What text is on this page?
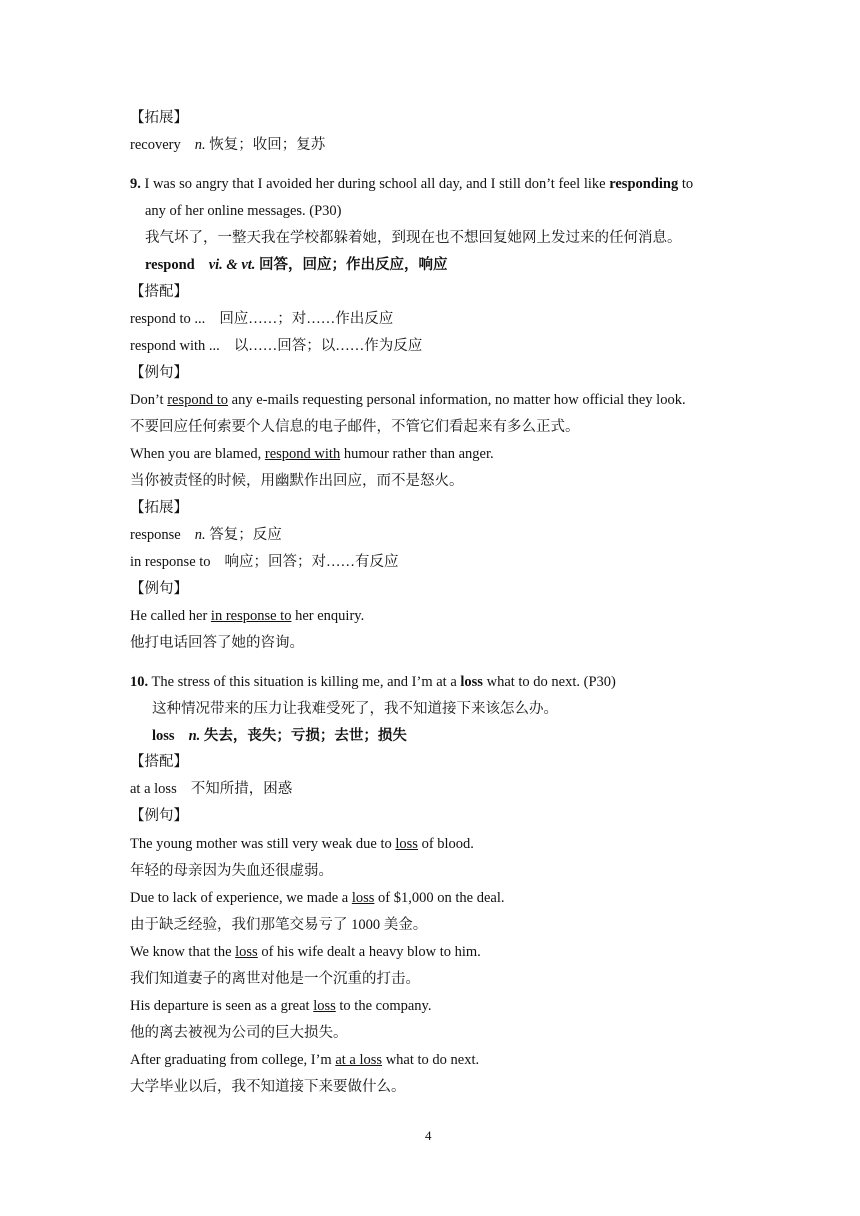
【拓展】
recovery n. 恢复；收回；复苏
9. I was so angry that I avoided her during school all day, and I still don’t feel like responding to
any of her online messages. (P30)
我气坏了，一整天我在学校都躲着她，到现在也不想回复她网上发过来的任何消息。
respond vi. & vt. 回答，回应；作出反应，响应
【搭配】
respond to ... 回应……；对……作出反应
respond with ... 以……回答；以……作为反应
【例句】
Don’t respond to any e-mails requesting personal information, no matter how official they look.
不要回应任何索要个人信息的电子邮件，不管它们看起来有多么正式。
When you are blamed, respond with humour rather than anger.
当你被责怪的时候，用幽默作出回应，而不是怒火。
【拓展】
response n. 答复；反应
in response to 响应；回答；对……有反应
【例句】
He called her in response to her enquiry.
他打电话回答了她的咨询。
10. The stress of this situation is killing me, and I’m at a loss what to do next. (P30)
这种情况带来的压力让我难受死了，我不知道接下来该怎么办。
loss n. 失去，丧失；亏损；去世；损失
【搭配】
at a loss 不知所措，困惑
【例句】
The young mother was still very weak due to loss of blood.
年轻的母亲因为失血还很虚弱。
Due to lack of experience, we made a loss of $1,000 on the deal.
由于缺乏经验，我们那笔交易亏了 1000 美金。
We know that the loss of his wife dealt a heavy blow to him.
我们知道妻子的离世对他是一个沉重的打击。
His departure is seen as a great loss to the company.
他的离去被视为公司的巨大损失。
After graduating from college, I’m at a loss what to do next.
大学毕业以后，我不知道接下来要做什么。
4
